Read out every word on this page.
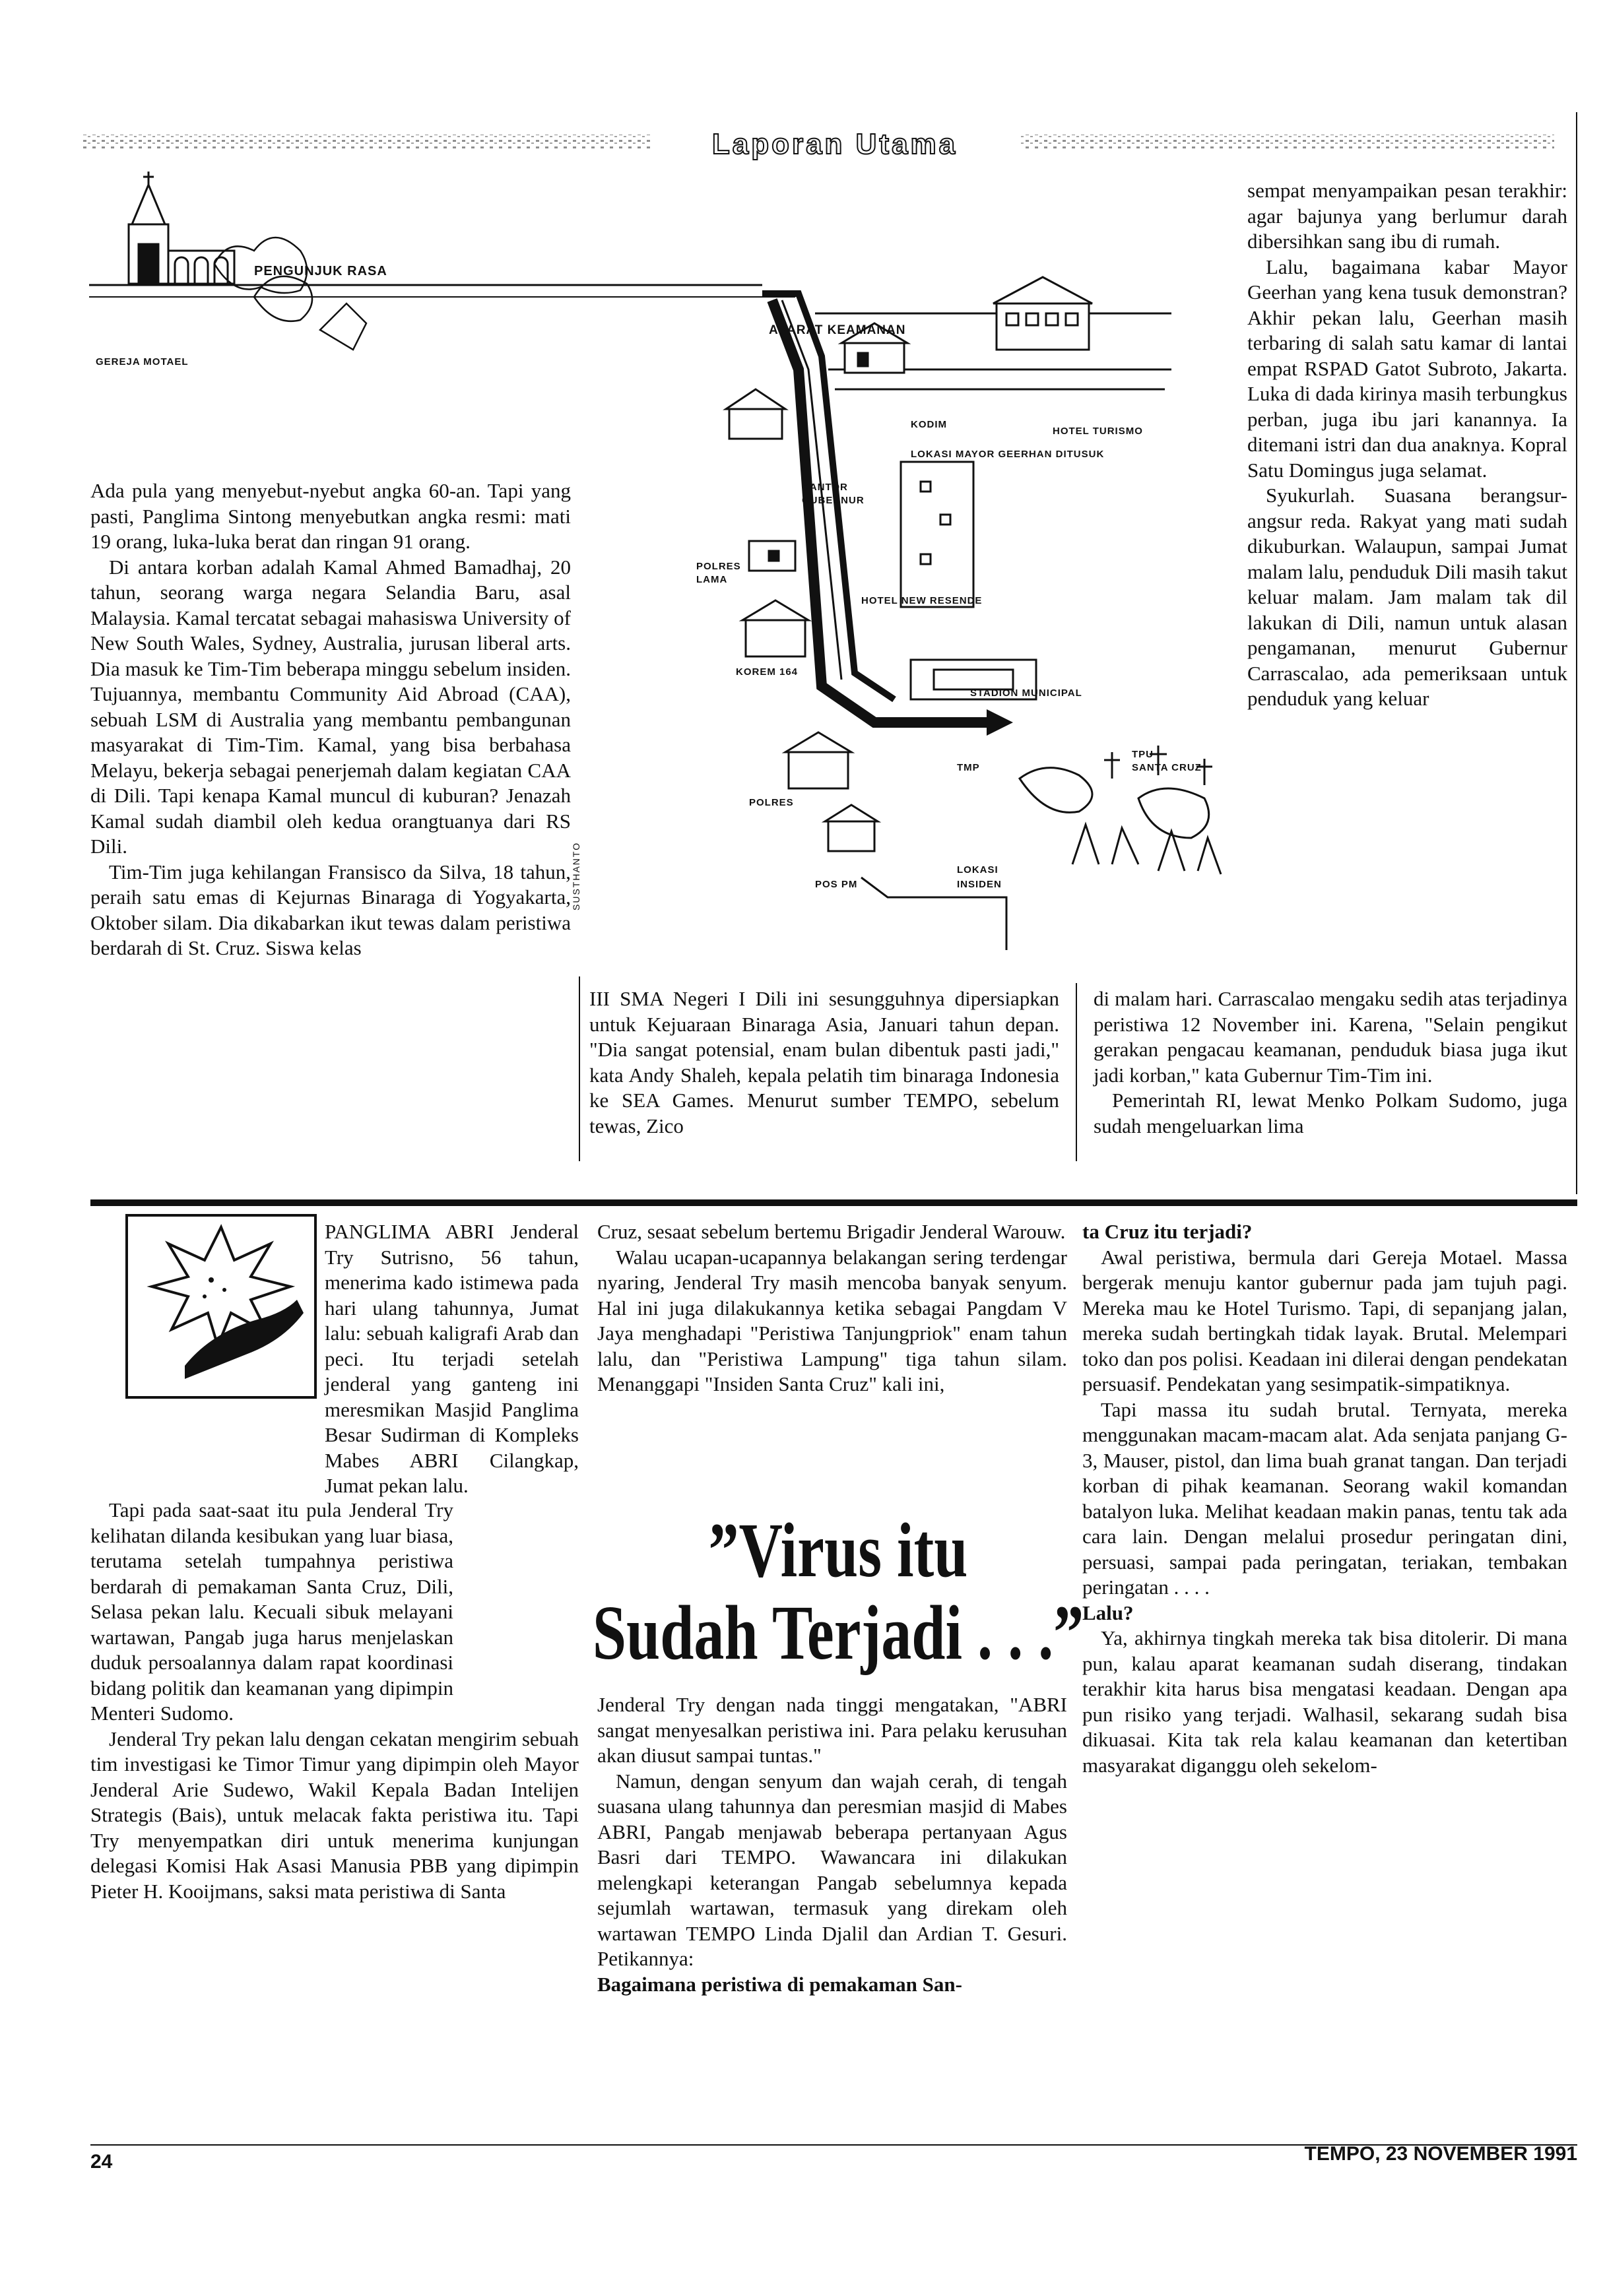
Laporan Utama
PENGUNJUK RASA
GEREJA MOTAEL
APARAT KEAMANAN
KODIM
HOTEL TURISMO
LOKASI MAYOR GEERHAN DITUSUK
KANTOR
GUBERNUR
POLRES
LAMA
HOTEL NEW RESENDE
KOREM 164
STADION MUNICIPAL
TPU
SANTA CRUZ
TMP
POLRES
POS PM
LOKASI
INSIDEN
SUSTHANTO

Ada pula yang menyebut-nyebut angka 60-an. Tapi yang pasti, Panglima Sintong menyebutkan angka resmi: mati 19 orang, luka-luka berat dan ringan 91 orang.

Di antara korban adalah Kamal Ahmed Bamadhaj, 20 tahun, seorang warga negara Selandia Baru, asal Malaysia. Kamal tercatat sebagai mahasiswa University of New South Wales, Sydney, Australia, jurusan liberal arts. Dia masuk ke Tim-Tim beberapa minggu sebelum insiden. Tujuannya, membantu Community Aid Abroad (CAA), sebuah LSM di Australia yang membantu pembangunan masyarakat di Tim-Tim. Kamal, yang bisa berbahasa Melayu, bekerja sebagai penerjemah dalam kegiatan CAA di Dili. Tapi kenapa Kamal muncul di kuburan? Jenazah Kamal sudah diambil oleh kedua orangtuanya dari RS Dili.

Tim-Tim juga kehilangan Fransisco da Silva, 18 tahun, peraih satu emas di Kejurnas Binaraga di Yogyakarta, Oktober silam. Dia dikabarkan ikut tewas dalam peristiwa berdarah di St. Cruz. Siswa kelas

III SMA Negeri I Dili ini sesungguhnya dipersiapkan untuk Kejuaraan Binaraga Asia, Januari tahun depan. "Dia sangat potensial, enam bulan dibentuk pasti jadi," kata Andy Shaleh, kepala pelatih tim binaraga Indonesia ke SEA Games. Menurut sumber TEMPO, sebelum tewas, Zico

sempat menyampaikan pesan terakhir: agar bajunya yang berlumur darah dibersihkan sang ibu di rumah.

Lalu, bagaimana kabar Mayor Geerhan yang kena tusuk demonstran? Akhir pekan lalu, Geerhan masih terbaring di salah satu kamar di lantai empat RSPAD Gatot Subroto, Jakarta. Luka di dada kirinya masih terbungkus perban, juga ibu jari kanannya. Ia ditemani istri dan dua anaknya. Kopral Satu Domingus juga selamat.

Syukurlah. Suasana berangsur-angsur reda. Rakyat yang mati sudah dikuburkan. Walaupun, sampai Jumat malam lalu, penduduk Dili masih takut keluar malam. Jam malam tak dil lakukan di Dili, namun untuk alasan pengamanan, menurut Gubernur Carrascalao, ada pemeriksaan untuk penduduk yang keluar

di malam hari. Carrascalao mengaku sedih atas terjadinya peristiwa 12 November ini. Karena, "Selain pengikut gerakan pengacau keamanan, penduduk biasa juga ikut jadi korban," kata Gubernur Tim-Tim ini.

Pemerintah RI, lewat Menko Polkam Sudomo, juga sudah mengeluarkan lima

PANGLIMA ABRI Jenderal Try Sutrisno, 56 tahun, menerima kado istimewa pada hari ulang tahunnya, Jumat lalu: sebuah kaligrafi Arab dan peci. Itu terjadi setelah jenderal yang ganteng ini meresmikan Masjid Panglima Besar Sudirman di Kompleks Mabes ABRI Cilangkap, Jumat pekan lalu.

Tapi pada saat-saat itu pula Jenderal Try kelihatan dilanda kesibukan yang luar biasa, terutama setelah tumpahnya peristiwa berdarah di pemakaman Santa Cruz, Dili, Selasa pekan lalu. Kecuali sibuk melayani wartawan, Pangab juga harus menjelaskan duduk persoalannya dalam rapat koordinasi bidang politik dan keamanan yang dipimpin Menteri Sudomo.

Jenderal Try pekan lalu dengan cekatan mengirim sebuah tim investigasi ke Timor Timur yang dipimpin oleh Mayor Jenderal Arie Sudewo, Wakil Kepala Badan Intelijen Strategis (Bais), untuk melacak fakta peristiwa itu. Tapi Try menyempatkan diri untuk menerima kunjungan delegasi Komisi Hak Asasi Manusia PBB yang dipimpin Pieter H. Kooijmans, saksi mata peristiwa di Santa

Cruz, sesaat sebelum bertemu Brigadir Jenderal Warouw.

Walau ucapan-ucapannya belakangan sering terdengar nyaring, Jenderal Try masih mencoba banyak senyum. Hal ini juga dilakukannya ketika sebagai Pangdam V Jaya menghadapi "Peristiwa Tanjungpriok" enam tahun lalu, dan "Peristiwa Lampung" tiga tahun silam. Menanggapi "Insiden Santa Cruz" kali ini,

”Virus itu
Sudah Terjadi . . .”

Jenderal Try dengan nada tinggi mengatakan, "ABRI sangat menyesalkan peristiwa ini. Para pelaku kerusuhan akan diusut sampai tuntas."

Namun, dengan senyum dan wajah cerah, di tengah suasana ulang tahunnya dan peresmian masjid di Mabes ABRI, Pangab menjawab beberapa pertanyaan Agus Basri dari TEMPO. Wawancara ini dilakukan melengkapi keterangan Pangab sebelumnya kepada sejumlah wartawan, termasuk yang direkam oleh wartawan TEMPO Linda Djalil dan Ardian T. Gesuri. Petikannya:

Bagaimana peristiwa di pemakaman San-

ta Cruz itu terjadi?

Awal peristiwa, bermula dari Gereja Motael. Massa bergerak menuju kantor gubernur pada jam tujuh pagi. Mereka mau ke Hotel Turismo. Tapi, di sepanjang jalan, mereka sudah bertingkah tidak layak. Brutal. Melempari toko dan pos polisi. Keadaan ini dilerai dengan pendekatan persuasif. Pendekatan yang sesimpatik-simpatiknya.

Tapi massa itu sudah brutal. Ternyata, mereka menggunakan macam-macam alat. Ada senjata panjang G-3, Mauser, pistol, dan lima buah granat tangan. Dan terjadi korban di pihak keamanan. Seorang wakil komandan batalyon luka. Melihat keadaan makin panas, tentu tak ada cara lain. Dengan melalui prosedur peringatan dini, persuasi, sampai pada peringatan, teriakan, tembakan peringatan . . . .

Lalu?

Ya, akhirnya tingkah mereka tak bisa ditolerir. Di mana pun, kalau aparat keamanan sudah diserang, tindakan terakhir kita harus bisa mengatasi keadaan. Dengan apa pun risiko yang terjadi. Walhasil, sekarang sudah bisa dikuasai. Kita tak rela kalau keamanan dan ketertiban masyarakat diganggu oleh sekelom-

24	TEMPO, 23 NOVEMBER 1991
